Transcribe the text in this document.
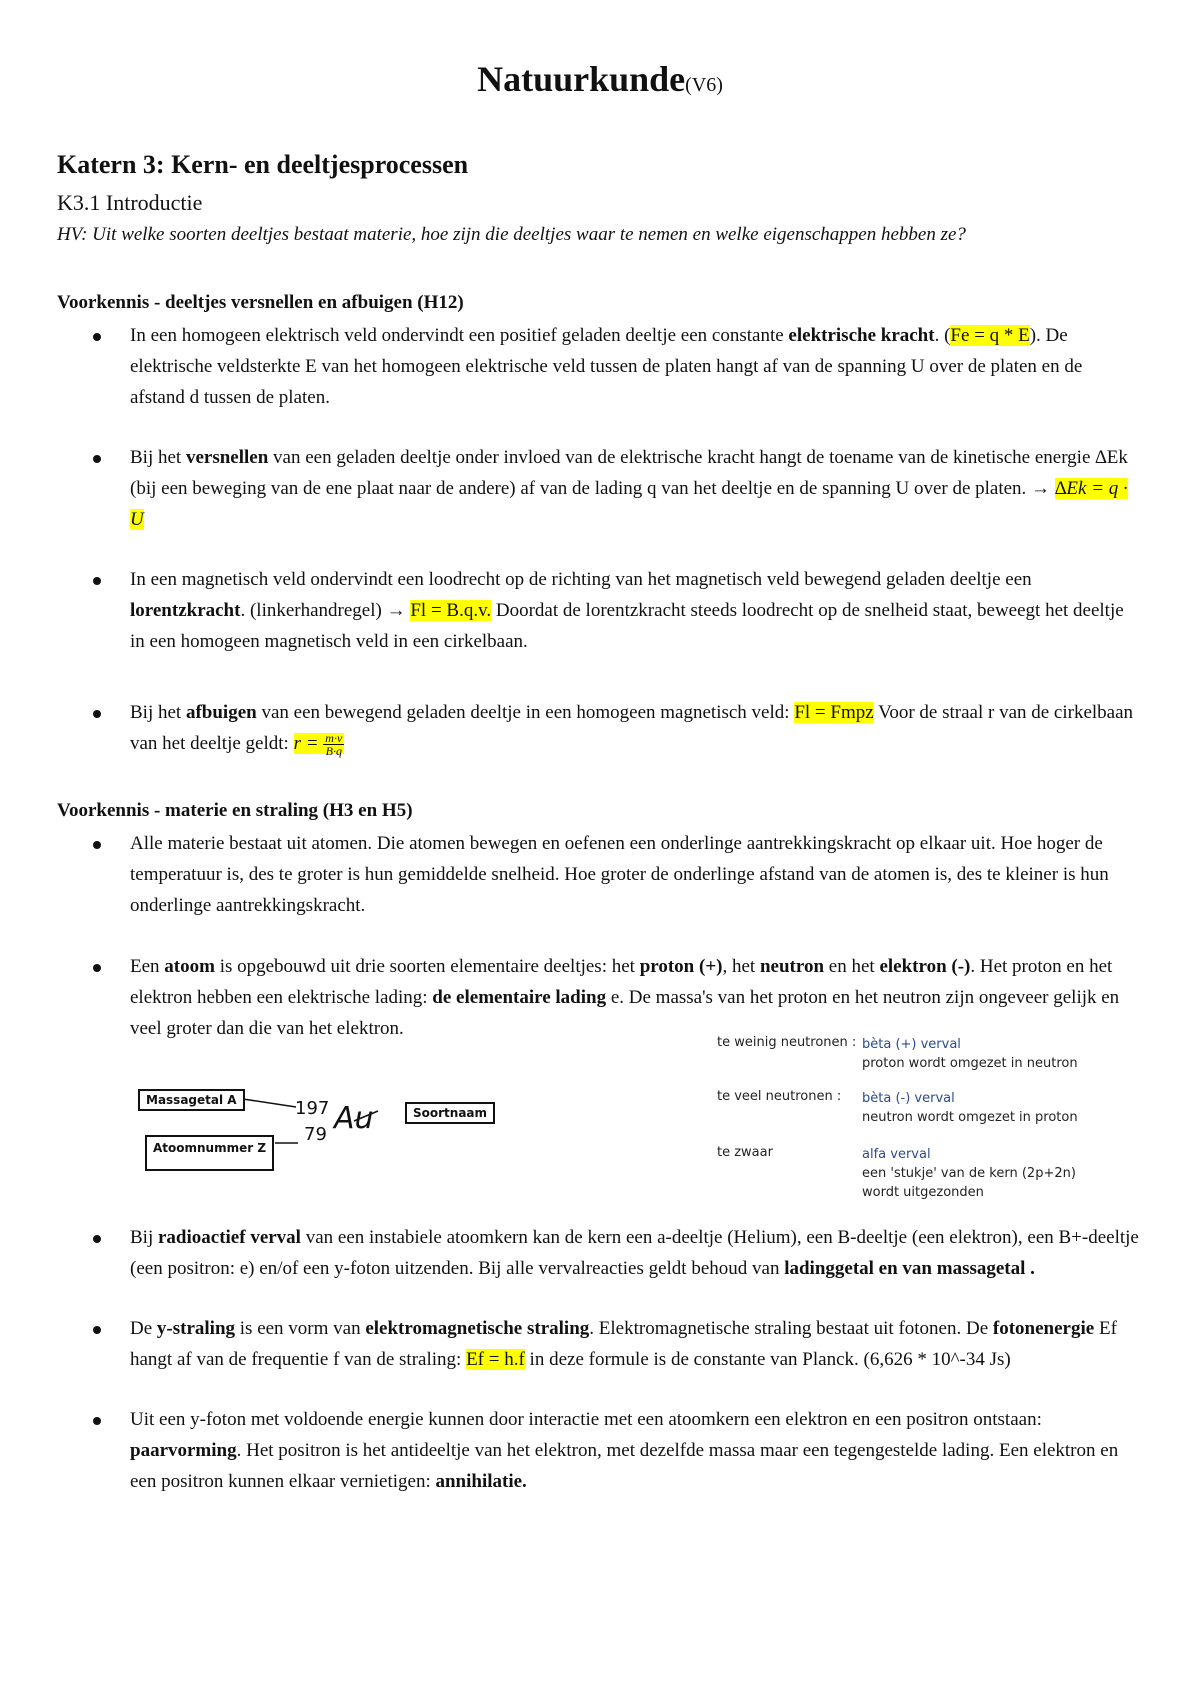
Natuurkunde(V6)
Katern 3: Kern- en deeltjesprocessen
K3.1 Introductie
HV: Uit welke soorten deeltjes bestaat materie, hoe zijn die deeltjes waar te nemen en welke eigenschappen hebben ze?
Voorkennis - deeltjes versnellen en afbuigen (H12)
In een homogeen elektrisch veld ondervindt een positief geladen deeltje een constante elektrische kracht. (Fe = q * E). De elektrische veldsterkte E van het homogeen elektrische veld tussen de platen hangt af van de spanning U over de platen en de afstand d tussen de platen.
Bij het versnellen van een geladen deeltje onder invloed van de elektrische kracht hangt de toename van de kinetische energie ∆Ek (bij een beweging van de ene plaat naar de andere) af van de lading q van het deeltje en de spanning U over de platen. → ∆Ek = q · U
In een magnetisch veld ondervindt een loodrecht op de richting van het magnetisch veld bewegend geladen deeltje een lorentzkracht. (linkerhandregel) → Fl = B.q.v. Doordat de lorentzkracht steeds loodrecht op de snelheid staat, beweegt het deeltje in een homogeen magnetisch veld in een cirkelbaan.
Bij het afbuigen van een bewegend geladen deeltje in een homogeen magnetisch veld: Fl = Fmpz Voor de straal r van de cirkelbaan van het deeltje geldt: $r = \frac{m\cdot v}{B\cdot q}$
Voorkennis - materie en straling (H3 en H5)
Alle materie bestaat uit atomen. Die atomen bewegen en oefenen een onderlinge aantrekkingskracht op elkaar uit. Hoe hoger de temperatuur is, des te groter is hun gemiddelde snelheid. Hoe groter de onderlinge afstand van de atomen is, des te kleiner is hun onderlinge aantrekkingskracht.
Een atoom is opgebouwd uit drie soorten elementaire deeltjes: het proton (+), het neutron en het elektron (-). Het proton en het elektron hebben een elektrische lading: de elementaire lading e. De massa's van het proton en het neutron zijn ongeveer gelijk en veel groter dan die van het elektron.
Massagetal A
Atoomnummer Z
197
79 Au	Soortnaam
te weinig neutronen : bèta (+) verval
proton wordt omgezet in neutron
te veel neutronen : bèta (-) verval
neutron wordt omgezet in proton
te zwaar	alfa verval
een 'stukje' van de kern (2p+2n)
wordt uitgezonden
Bij radioactief verval van een instabiele atoomkern kan de kern een a-deeltje (Helium), een B-deeltje (een elektron), een B+-deeltje (een positron: e) en/of een y-foton uitzenden. Bij alle vervalreacties geldt behoud van ladinggetal en van massagetal .
De y-straling is een vorm van elektromagnetische straling. Elektromagnetische straling bestaat uit fotonen. De fotonenergie Ef hangt af van de frequentie f van de straling: Ef = h.f in deze formule is de constante van Planck. (6,626 * 10^-34 Js)
Uit een y-foton met voldoende energie kunnen door interactie met een atoomkern een elektron en een positron ontstaan: paarvorming. Het positron is het antideeltje van het elektron, met dezelfde massa maar een tegengestelde lading. Een elektron en een positron kunnen elkaar vernietigen: annihilatie.
